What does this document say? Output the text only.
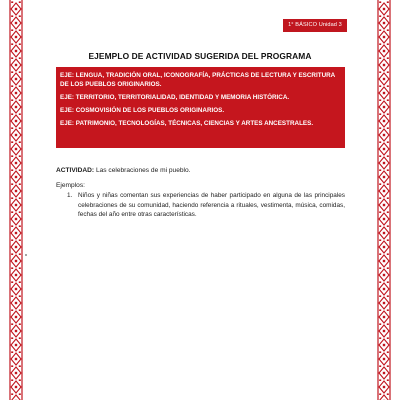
1° BÁSICO Unidad 3
EJEMPLO DE ACTIVIDAD SUGERIDA DEL PROGRAMA
EJE: LENGUA, TRADICIÓN ORAL, ICONOGRAFÍA, PRÁCTICAS DE LECTURA Y ESCRITURA DE LOS PUEBLOS ORIGINARIOS.
EJE: TERRITORIO, TERRITORIALIDAD, IDENTIDAD Y MEMORIA HISTÓRICA.
EJE: COSMOVISIÓN DE LOS PUEBLOS ORIGINARIOS.
EJE: PATRIMONIO, TECNOLOGÍAS, TÉCNICAS, CIENCIAS Y ARTES ANCESTRALES.
ACTIVIDAD: Las celebraciones de mi pueblo.
Ejemplos:
1. Niños y niñas comentan sus experiencias de haber participado en alguna de las principales celebraciones de su comunidad, haciendo referencia a rituales, vestimenta, música, comidas, fechas del año entre otras características.
